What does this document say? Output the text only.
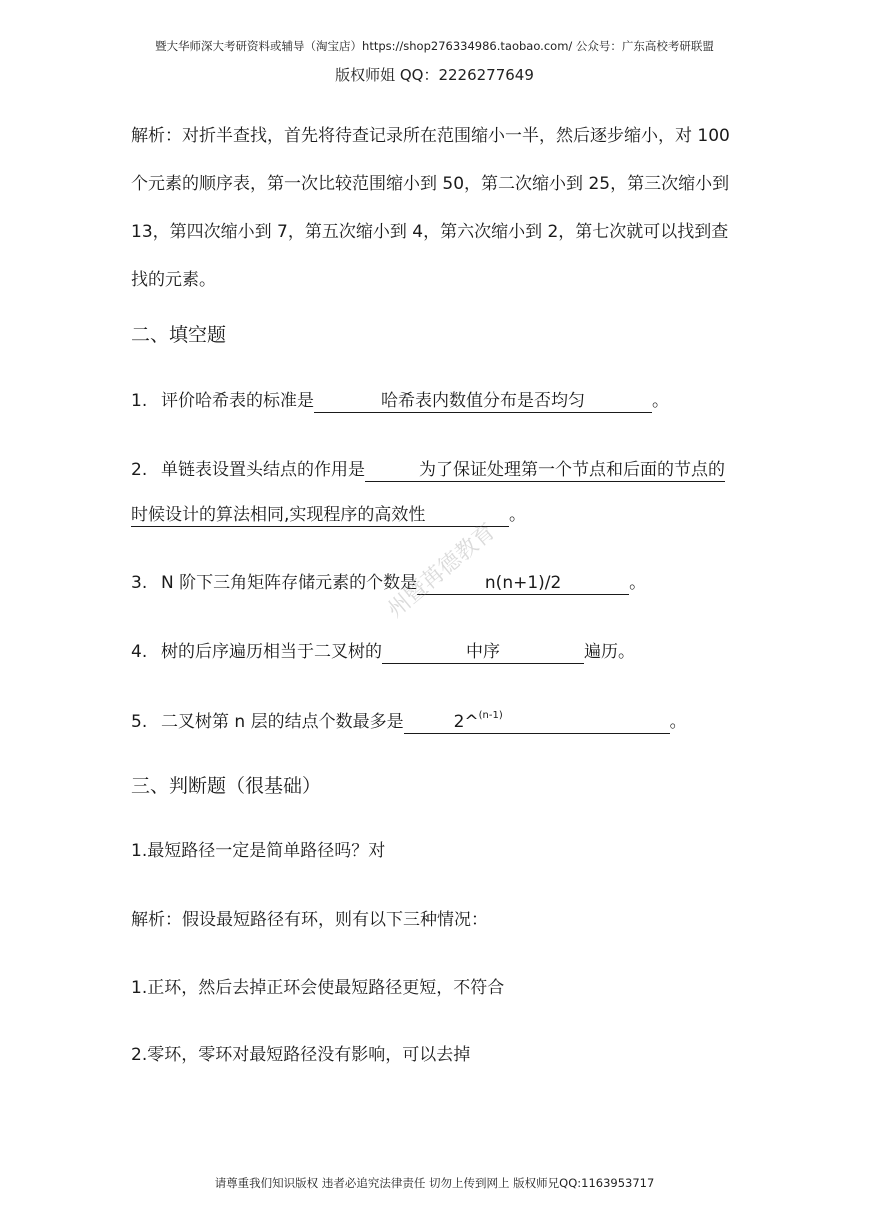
暨大华师深大考研资料或辅导（淘宝店）https://shop276334986.taobao.com/ 公众号：广东高校考研联盟
版权师姐 QQ：2226277649
解析：对折半查找，首先将待查记录所在范围缩小一半，然后逐步缩小，对 100
个元素的顺序表，第一次比较范围缩小到 50，第二次缩小到 25，第三次缩小到
13，第四次缩小到 7，第五次缩小到 4，第六次缩小到 2，第七次就可以找到查
找的元素。
二、填空题
1. 评价哈希表的标准是	哈希表内数值分布是否均匀	。
2. 单链表设置头结点的作用是	为了保证处理第一个节点和后面的节点的
时候设计的算法相同,实现程序的高效性	。
3. N 阶下三角矩阵存储元素的个数是	n(n+1)/2	。
4. 树的后序遍历相当于二叉树的	中序	遍历。
5. 二叉树第 n 层的结点个数最多是	2^$^{(n-1)}$	。
三、判断题（很基础）
1.最短路径一定是简单路径吗？对
解析：假设最短路径有环，则有以下三种情况：
1.正环，然后去掉正环会使最短路径更短，不符合
2.零环，零环对最短路径没有影响，可以去掉
州暨苒德教育
请尊重我们知识版权 违者必追究法律责任 切勿上传到网上 版权师兄QQ:1163953717
